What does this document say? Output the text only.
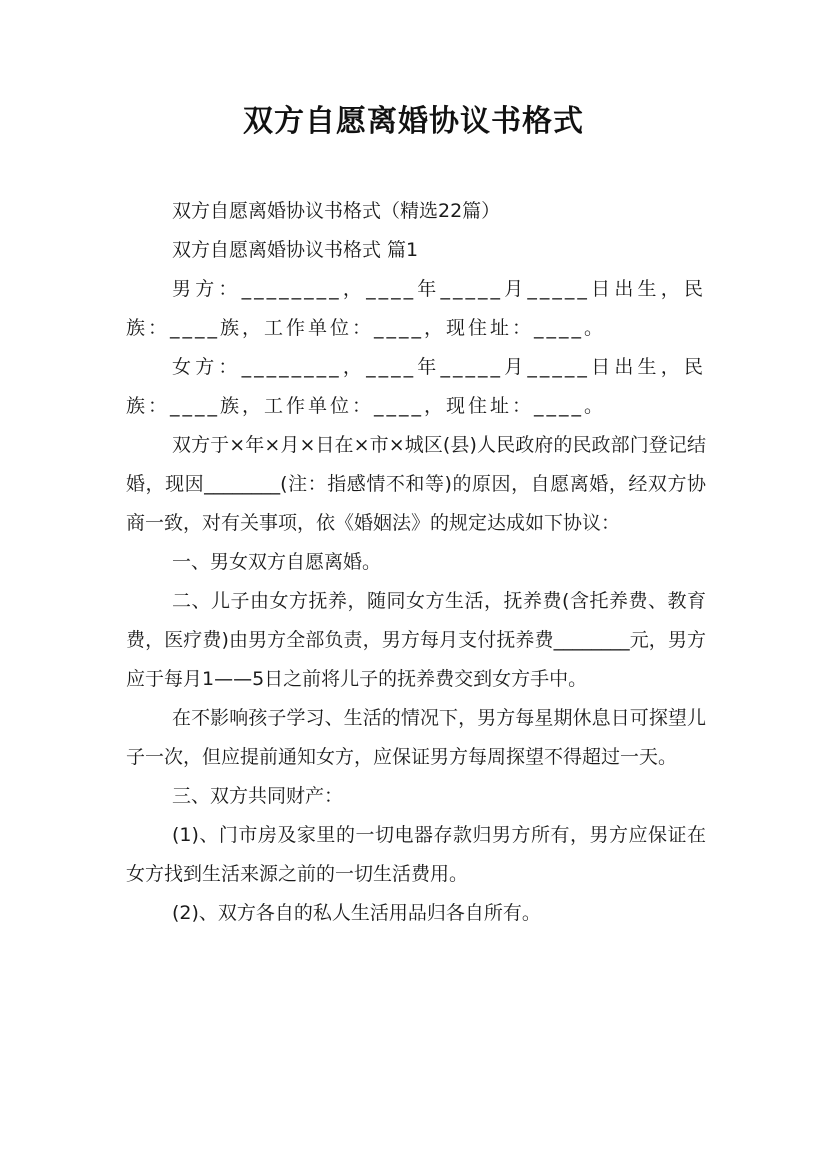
双方自愿离婚协议书格式

双方自愿离婚协议书格式（精选22篇）

双方自愿离婚协议书格式 篇1

男方：________，____年_____月_____日出生，民族：____族，工作单位：____，现住址：____。

女方：________，____年_____月_____日出生，民族：____族，工作单位：____，现住址：____。

双方于×年×月×日在×市×城区(县)人民政府的民政部门登记结婚，现因________(注：指感情不和等)的原因，自愿离婚，经双方协商一致，对有关事项，依《婚姻法》的规定达成如下协议：

一、男女双方自愿离婚。

二、儿子由女方抚养，随同女方生活，抚养费(含托养费、教育费，医疗费)由男方全部负责，男方每月支付抚养费________元，男方应于每月1——5日之前将儿子的抚养费交到女方手中。

在不影响孩子学习、生活的情况下，男方每星期休息日可探望儿子一次，但应提前通知女方，应保证男方每周探望不得超过一天。

三、双方共同财产：

(1)、门市房及家里的一切电器存款归男方所有，男方应保证在女方找到生活来源之前的一切生活费用。

(2)、双方各自的私人生活用品归各自所有。
